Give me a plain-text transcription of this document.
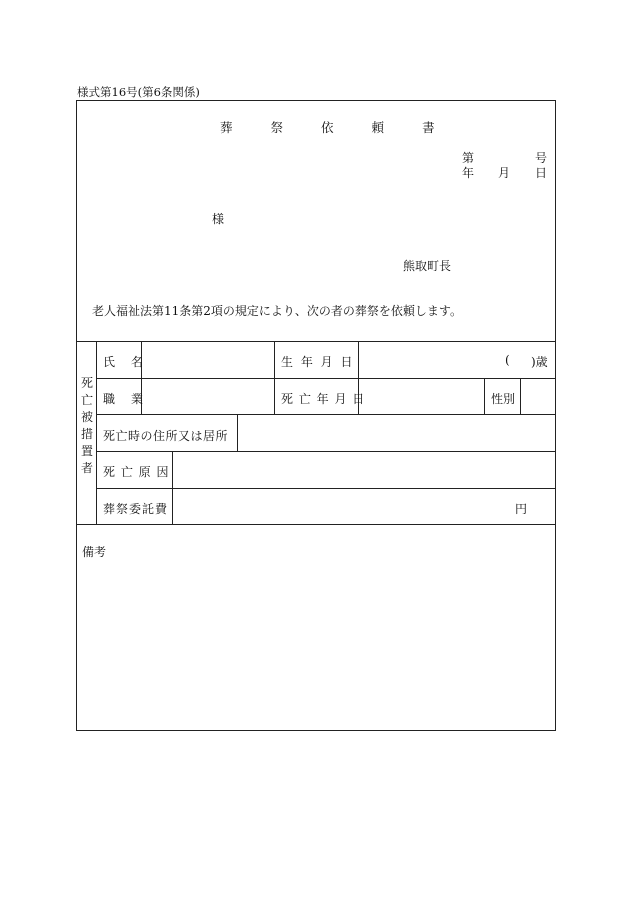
様式第16号(第6条関係)
葬	祭	依	頼	書
第	号
年 月 日
様
熊取町長
老人福祉法第11条第2項の規定により、次の者の葬祭を依頼します。
死亡被措置者
氏 名	生 年 月 日	( )歳
職 業	死 亡 年 月 日	性別
死亡時の住所又は居所
死 亡 原 因
葬祭委託費	円
備考
